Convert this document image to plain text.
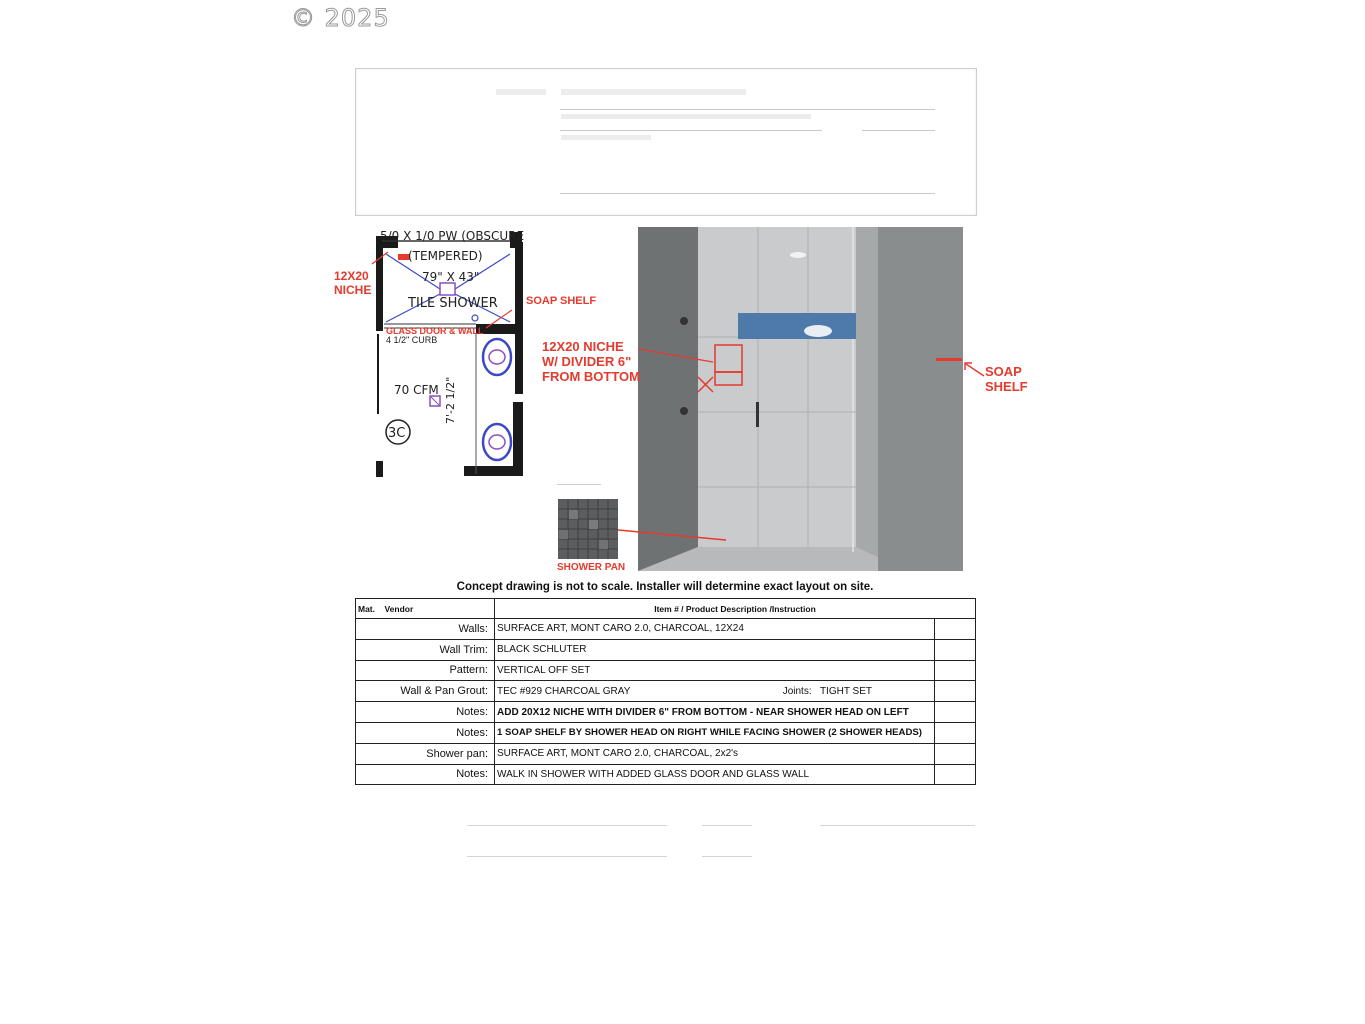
© 2025
5/0 X 1/0 PW (OBSCURE
(TEMPERED)
79" X 43"
TILE SHOWER
GLASS DOOR & WALL
4 1/2" CURB
70 CFM 7'-2 1/2"
3C
12X20
NICHE
SOAP SHELF
12X20 NICHE
W/ DIVIDER 6"
FROM BOTTOM	SOAP
SHELF
SHOWER PAN
Concept drawing is not to scale. Installer will determine exact layout on site.
Mat. Vendor	Item # / Product Description /Instruction	
Walls:	SURFACE ART, MONT CARO 2.0, CHARCOAL, 12X24	
Wall Trim:	BLACK SCHLUTER	
Pattern:	VERTICAL OFF SET	
Wall & Pan Grout:	TEC #929 CHARCOAL GRAY Joints: TIGHT SET	

Notes:	ADD 20X12 NICHE WITH DIVIDER 6" FROM BOTTOM - NEAR SHOWER HEAD ON LEFT	
Notes:	1 SOAP SHELF BY SHOWER HEAD ON RIGHT WHILE FACING SHOWER (2 SHOWER HEADS)	
Shower pan:	SURFACE ART, MONT CARO 2.0, CHARCOAL, 2x2's	
Notes:	WALK IN SHOWER WITH ADDED GLASS DOOR AND GLASS WALL	
